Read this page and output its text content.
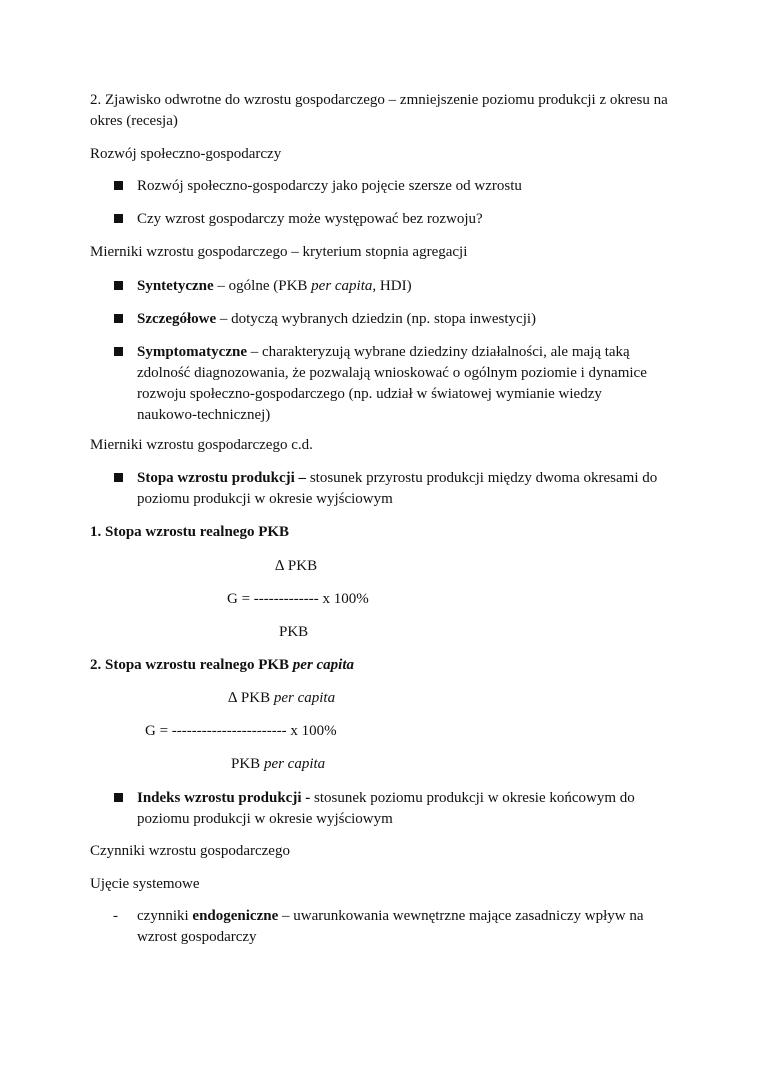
2. Zjawisko odwrotne do wzrostu gospodarczego – zmniejszenie poziomu produkcji z okresu na okres (recesja)

Rozwój społeczno-gospodarczy

Rozwój społeczno-gospodarczy jako pojęcie szersze od wzrostu

Czy wzrost gospodarczy może występować bez rozwoju?

Mierniki wzrostu gospodarczego – kryterium stopnia agregacji

Syntetyczne – ogólne (PKB per capita, HDI)

Szczegółowe – dotyczą wybranych dziedzin (np. stopa inwestycji)

Symptomatyczne – charakteryzują wybrane dziedziny działalności, ale mają taką zdolność diagnozowania, że pozwalają wnioskować o ogólnym poziomie i dynamice rozwoju społeczno-gospodarczego (np. udział w światowej wymianie wiedzy naukowo-technicznej)

Mierniki wzrostu gospodarczego c.d.

Stopa wzrostu produkcji – stosunek przyrostu produkcji między dwoma okresami do poziomu produkcji w okresie wyjściowym

1. Stopa wzrostu realnego PKB

∆ PKB
G = ------------- x 100%
PKB

2. Stopa wzrostu realnego PKB per capita

∆ PKB per capita
G = ----------------------- x 100%
PKB per capita

Indeks wzrostu produkcji - stosunek poziomu produkcji w okresie końcowym do poziomu produkcji w okresie wyjściowym

Czynniki wzrostu gospodarczego

Ujęcie systemowe

- czynniki endogeniczne – uwarunkowania wewnętrzne mające zasadniczy wpływ na wzrost gospodarczy
